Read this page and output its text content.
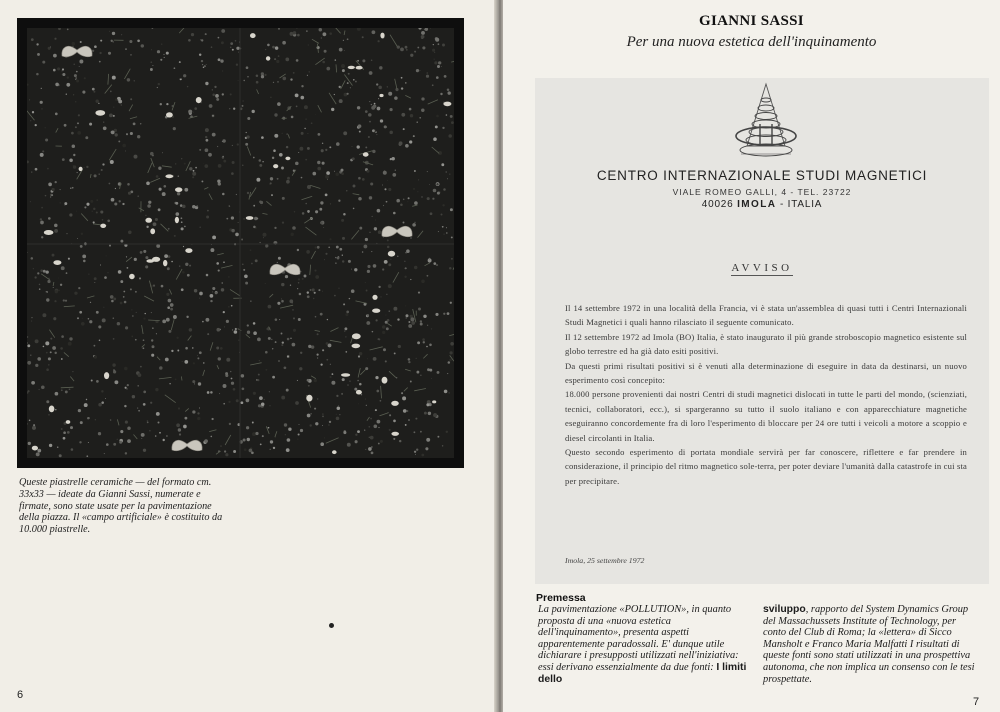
Queste piastrelle ceramiche — del formato cm. 33x33 — ideate da Gianni Sassi, numerate e firmate, sono state usate per la pavimentazione della piazza. Il «campo artificiale» è costituito da 10.000 piastrelle.
6
GIANNI SASSI
Per una nuova estetica dell'inquinamento
CENTRO INTERNAZIONALE STUDI MAGNETICI
VIALE ROMEO GALLI, 4 - TEL. 23722
40026 IMOLA - ITALIA
AVVISO

Il 14 settembre 1972 in una località della Francia, vi è stata un'assemblea di quasi tutti i Centri Internazionali Studi Magnetici i quali hanno rilasciato il seguente comunicato.

Il 12 settembre 1972 ad Imola (BO) Italia, è stato inaugurato il più grande stroboscopio magnetico esistente sul globo terrestre ed ha già dato esiti positivi.

Da questi primi risultati positivi si è venuti alla determinazione di eseguire in data da destinarsi, un nuovo esperimento così concepito:

18.000 persone provenienti dai nostri Centri di studi magnetici dislocati in tutte le parti del mondo, (scienziati, tecnici, collaboratori, ecc.), si spargeranno su tutto il suolo italiano e con apparecchiature magnetiche eseguiranno concordemente fra di loro l'esperimento di bloccare per 24 ore tutti i veicoli a motore a scoppio e diesel circolanti in Italia.

Questo secondo esperimento di portata mondiale servirà per far conoscere, riflettere e far prendere in considerazione, il principio del ritmo magnetico sole-terra, per poter deviare l'umanità dalla catastrofe in cui sta per precipitare.

Imola, 25 settembre 1972
Premessa
La pavimentazione «POLLUTION», in quanto proposta di una «nuova estetica dell'inquinamento», presenta aspetti apparentemente paradossali. E' dunque utile dichiarare i presupposti utilizzati nell'iniziativa: essi derivano essenzialmente da due fonti: I limiti dello
sviluppo, rapporto del System Dynamics Group del Massachussets Institute of Technology, per conto del Club di Roma; la «lettera» di Sicco Mansholt e Franco Maria Malfatti I risultati di queste fonti sono stati utilizzati in una prospettiva autonoma, che non implica un consenso con le tesi prospettate.
7
